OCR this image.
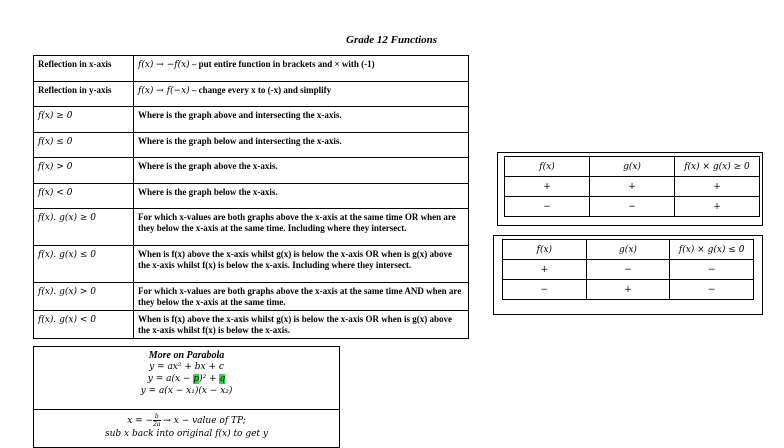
Grade 12 Functions
Reflection in x-axis	f(x) → −f(x) – put entire function in brackets and × with (-1)
Reflection in y-axis	f(x) → f(−x) – change every x to (-x) and simplify
f(x) ≥ 0	Where is the graph above and intersecting the x-axis.
f(x) ≤ 0	Where is the graph below and intersecting the x-axis.
f(x) > 0	Where is the graph above the x-axis.
f(x) < 0	Where is the graph below the x-axis.
f(x). g(x) ≥ 0	For which x-values are both graphs above the x-axis at the same time OR when are they below the x-axis at the same time. Including where they intersect.
f(x). g(x) ≤ 0	When is f(x) above the x-axis whilst g(x) is below the x-axis OR when is g(x) above the x-axis whilst f(x) is below the x-axis. Including where they intersect.
f(x). g(x) > 0	For which x-values are both graphs above the x-axis at the same time AND when are they below the x-axis at the same time.
f(x). g(x) < 0	When is f(x) above the x-axis whilst g(x) is below the x-axis OR when is g(x) above the x-axis whilst f(x) is below the x-axis.
f(x)	g(x)	f(x) × g(x) ≥ 0
+	+	+
−	−	+
f(x)	g(x)	f(x) × g(x) ≤ 0
+	−	−
−	+	−
More on Parabola
y = ax² + bx + c
y = a(x − p)² + q
y = a(x − x₁)(x − x₂)
x = − $\frac{b}{2a} \to x$ − value of TP;
sub x back into original f(x) to get y
